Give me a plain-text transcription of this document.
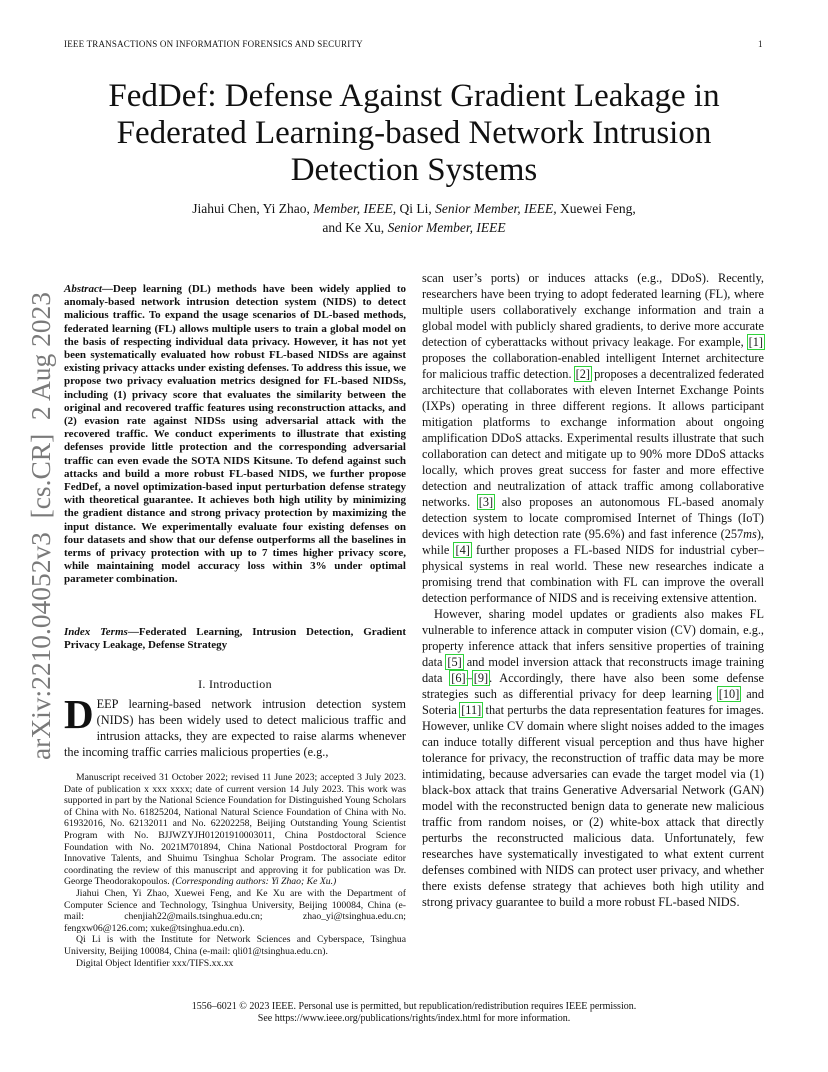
IEEE TRANSACTIONS ON INFORMATION FORENSICS AND SECURITY	1
arXiv:2210.04052v3  [cs.CR]  2 Aug 2023
FedDef: Defense Against Gradient Leakage in Federated Learning-based Network Intrusion Detection Systems
Jiahui Chen, Yi Zhao, Member, IEEE, Qi Li, Senior Member, IEEE, Xuewei Feng,
and Ke Xu, Senior Member, IEEE
Abstract—Deep learning (DL) methods have been widely applied to anomaly-based network intrusion detection system (NIDS) to detect malicious traffic. To expand the usage scenarios of DL-based methods, federated learning (FL) allows multiple users to train a global model on the basis of respecting individual data privacy. However, it has not yet been systematically evaluated how robust FL-based NIDSs are against existing privacy attacks under existing defenses. To address this issue, we propose two privacy evaluation metrics designed for FL-based NIDSs, including (1) privacy score that evaluates the similarity between the original and recovered traffic features using reconstruction attacks, and (2) evasion rate against NIDSs using adversarial attack with the recovered traffic. We conduct experiments to illustrate that existing defenses provide little protection and the corresponding adversarial traffic can even evade the SOTA NIDS Kitsune. To defend against such attacks and build a more robust FL-based NIDS, we further propose FedDef, a novel optimization-based input perturbation defense strategy with theoretical guarantee. It achieves both high utility by minimizing the gradient distance and strong privacy protection by maximizing the input distance. We experimentally evaluate four existing defenses on four datasets and show that our defense outperforms all the baselines in terms of privacy protection with up to 7 times higher privacy score, while maintaining model accuracy loss within 3% under optimal parameter combination.
Index Terms—Federated Learning, Intrusion Detection, Gradient Privacy Leakage, Defense Strategy
I. Introduction
DEEP learning-based network intrusion detection system (NIDS) has been widely used to detect malicious traffic and intrusion attacks, they are expected to raise alarms whenever the incoming traffic carries malicious properties (e.g.,

Manuscript received 31 October 2022; revised 11 June 2023; accepted 3 July 2023. Date of publication x xxx xxxx; date of current version 14 July 2023. This work was supported in part by the National Science Foundation for Distinguished Young Scholars of China with No. 61825204, National Natural Science Foundation of China with No. 61932016, No. 62132011 and No. 62202258, Beijing Outstanding Young Scientist Program with No. BJJWZYJH01201910003011, China Postdoctoral Science Foundation with No. 2021M701894, China National Postdoctoral Program for Innovative Talents, and Shuimu Tsinghua Scholar Program. The associate editor coordinating the review of this manuscript and approving it for publication was Dr. George Theodorakopoulos. (Corresponding authors: Yi Zhao; Ke Xu.)

Jiahui Chen, Yi Zhao, Xuewei Feng, and Ke Xu are with the Department of Computer Science and Technology, Tsinghua University, Beijing 100084, China (e-mail: chenjiah22@mails.tsinghua.edu.cn; zhao_yi@tsinghua.edu.cn; fengxw06@126.com; xuke@tsinghua.edu.cn).

Qi Li is with the Institute for Network Sciences and Cyberspace, Tsinghua University, Beijing 100084, China (e-mail: qli01@tsinghua.edu.cn).

Digital Object Identifier xxx/TIFS.xx.xx

scan user’s ports) or induces attacks (e.g., DDoS). Recently, researchers have been trying to adopt federated learning (FL), where multiple users collaboratively exchange information and train a global model with publicly shared gradients, to derive more accurate detection of cyberattacks without privacy leakage. For example, [1] proposes the collaboration-enabled intelligent Internet architecture for malicious traffic detection. [2] proposes a decentralized federated architecture that collaborates with eleven Internet Exchange Points (IXPs) operating in three different regions. It allows participant mitigation platforms to exchange information about ongoing amplification DDoS attacks. Experimental results illustrate that such collaboration can detect and mitigate up to 90% more DDoS attacks locally, which proves great success for faster and more effective detection and neutralization of attack traffic among collaborative networks. [3] also proposes an autonomous FL-based anomaly detection system to locate compromised Internet of Things (IoT) devices with high detection rate (95.6%) and fast inference (257ms), while [4] further proposes a FL-based NIDS for industrial cyber–physical systems in real world. These new researches indicate a promising trend that combination with FL can improve the overall detection performance of NIDS and is receiving extensive attention.

However, sharing model updates or gradients also makes FL vulnerable to inference attack in computer vision (CV) domain, e.g., property inference attack that infers sensitive properties of training data [5] and model inversion attack that reconstructs image training data [6]–[9]. Accordingly, there have also been some defense strategies such as differential privacy for deep learning [10] and Soteria [11] that perturbs the data representation features for images. However, unlike CV domain where slight noises added to the images can induce totally different visual perception and thus have higher tolerance for privacy, the reconstruction of traffic data may be more intimidating, because adversaries can evade the target model via (1) black-box attack that trains Generative Adversarial Network (GAN) model with the reconstructed benign data to generate new malicious traffic from random noises, or (2) white-box attack that directly perturbs the reconstructed malicious data. Unfortunately, few researches have systematically investigated to what extent current defenses combined with NIDS can protect user privacy, and whether there exists defense strategy that achieves both high utility and strong privacy guarantee to build a more robust FL-based NIDS.

1556–6021 © 2023 IEEE. Personal use is permitted, but republication/redistribution requires IEEE permission.
See https://www.ieee.org/publications/rights/index.html for more information.
